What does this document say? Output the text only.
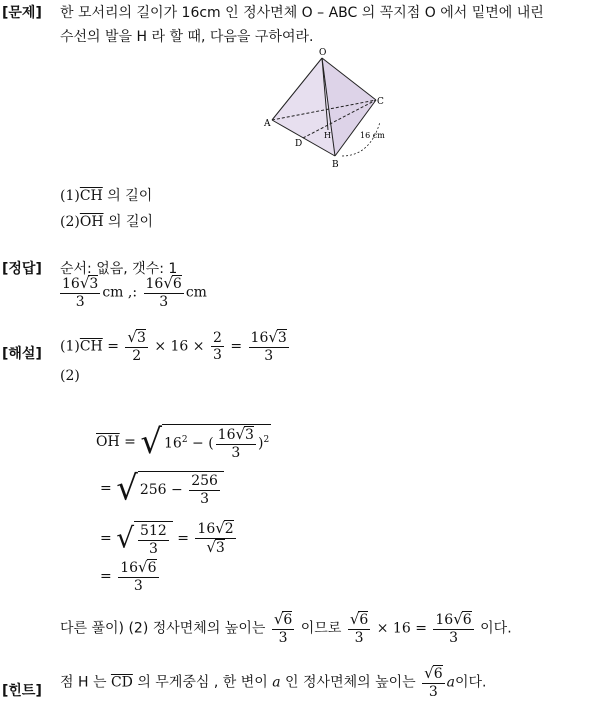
[문제] 한 모서리의 길이가 16cm 인 정사면체 O – ABC 의 꼭지점 O 에서 밑면에 내린
수선의 발을 H 라 할 때, 다음을 구하여라.
O
A
B
C
D
H	16 cm
$(1)\overline{CH}$ 의 길이
$(2)\overline{OH}$ 의 길이
[정답] 순서: 없음, 갯수: 1
$\frac{16√3}{3}$ cm ,: $\frac{16√6}{3}$ cm
[해설] $(1)\overline{CH} = \frac{√3}{2} \times 16 \times \frac{2}{3} = \frac{16√3}{3}$
(2)
$\overline{OH}$ = √ $16^2$ − ( $\frac{16√3}{3} )^2$
= √ $256 - \frac{256}{3}$
= √ $\frac{512}{3} = \frac{16√2}{√3}$
= $\frac{16√6}{3}$
다른 풀이) (2) 정사면체의 높이는 $\frac{√6}{3}$ 이므로 $\frac{√6}{3} \times 16 = \frac{16√6}{3}$ 이다.
[힌트]
점 H 는 $\overline{CD}$ 의 무게중심 , 한 변이 a 인 정사면체의 높이는 $\frac{√6}{3}$ a이다.
